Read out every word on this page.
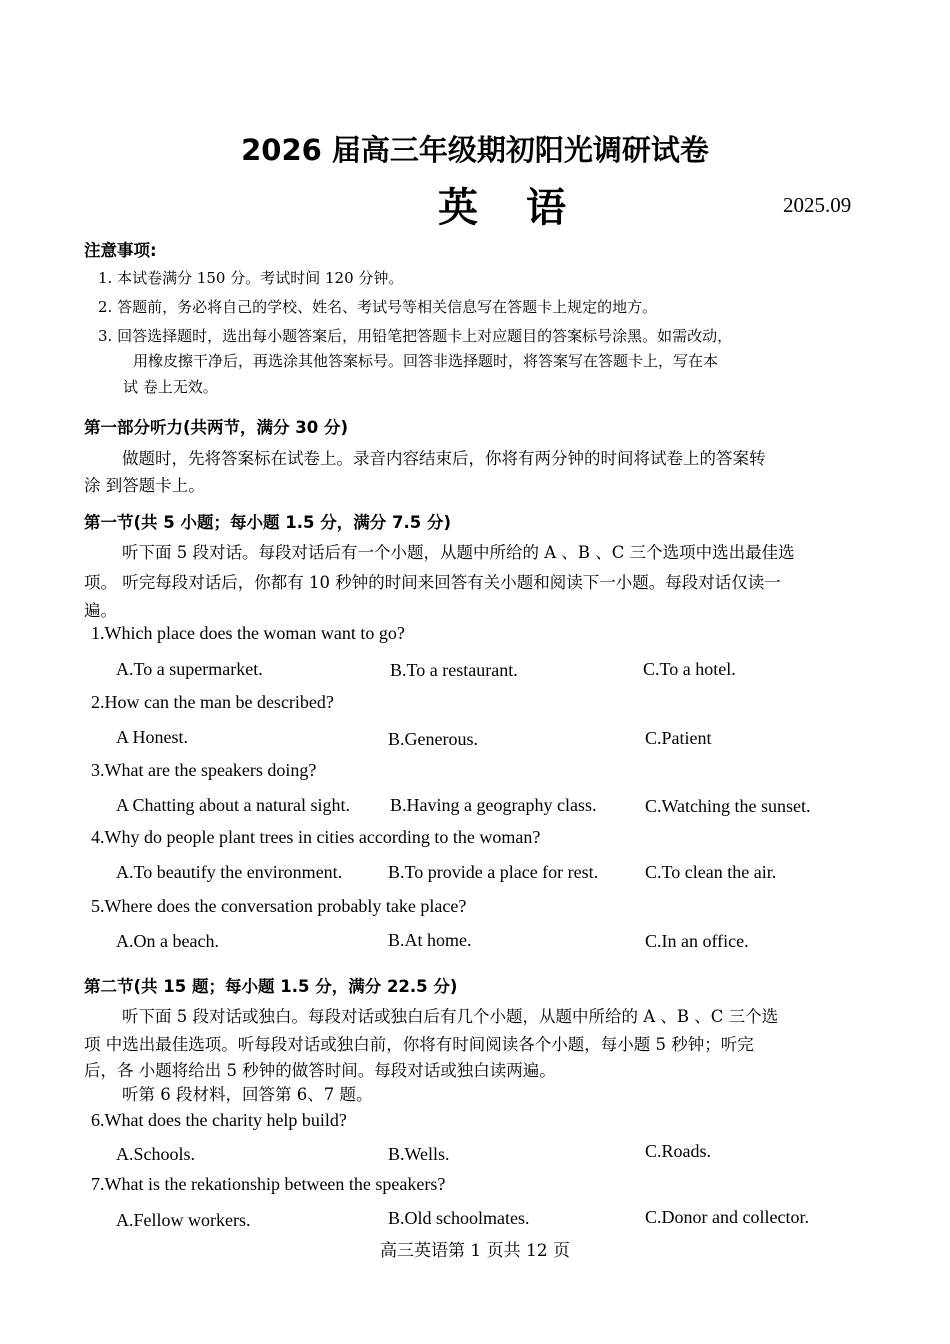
2026 届高三年级期初阳光调研试卷
英语	2025.09
注意事项:
1. 本试卷满分 150 分。考试时间 120 分钟。
2. 答题前，务必将自己的学校、姓名、考试号等相关信息写在答题卡上规定的地方。
3. 回答选择题时，选出每小题答案后，用铅笔把答题卡上对应题目的答案标号涂黑。如需改动，
用橡皮擦干净后，再选涂其他答案标号。回答非选择题时，将答案写在答题卡上，写在本
试 卷上无效。
第一部分听力(共两节，满分 30 分)
做题时，先将答案标在试卷上。录音内容结束后，你将有两分钟的时间将试卷上的答案转
涂 到答题卡上。
第一节(共 5 小题；每小题 1.5 分，满分 7.5 分)
听下面 5 段对话。每段对话后有一个小题，从题中所给的 A 、B 、C 三个选项中选出最佳选
项。 听完每段对话后，你都有 10 秒钟的时间来回答有关小题和阅读下一小题。每段对话仅读一
遍。
1.Which place does the woman want to go?
A.To a supermarket.	B.To a restaurant.	C.To a hotel.
2.How can the man be described?
A Honest.	B.Generous.	C.Patient
3.What are the speakers doing?
A Chatting about a natural sight. B.Having a geography class.	C.Watching the sunset.
4.Why do people plant trees in cities according to the woman?
A.To beautify the environment.	B.To provide a place for rest.	C.To clean the air.
5.Where does the conversation probably take place?
A.On a beach.	B.At home.	C.In an office.
第二节(共 15 题；每小题 1.5 分，满分 22.5 分)
听下面 5 段对话或独白。每段对话或独白后有几个小题，从题中所给的 A 、B 、C 三个选
项 中选出最佳选项。听每段对话或独白前，你将有时间阅读各个小题，每小题 5 秒钟；听完
后，各 小题将给出 5 秒钟的做答时间。每段对话或独白读两遍。
听第 6 段材料，回答第 6、7 题。
6.What does the charity help build?
A.Schools.	B.Wells.	C.Roads.
7.What is the rekationship between the speakers?
A.Fellow workers.	B.Old schoolmates.	C.Donor and collector.
高三英语第 1 页共 12 页
